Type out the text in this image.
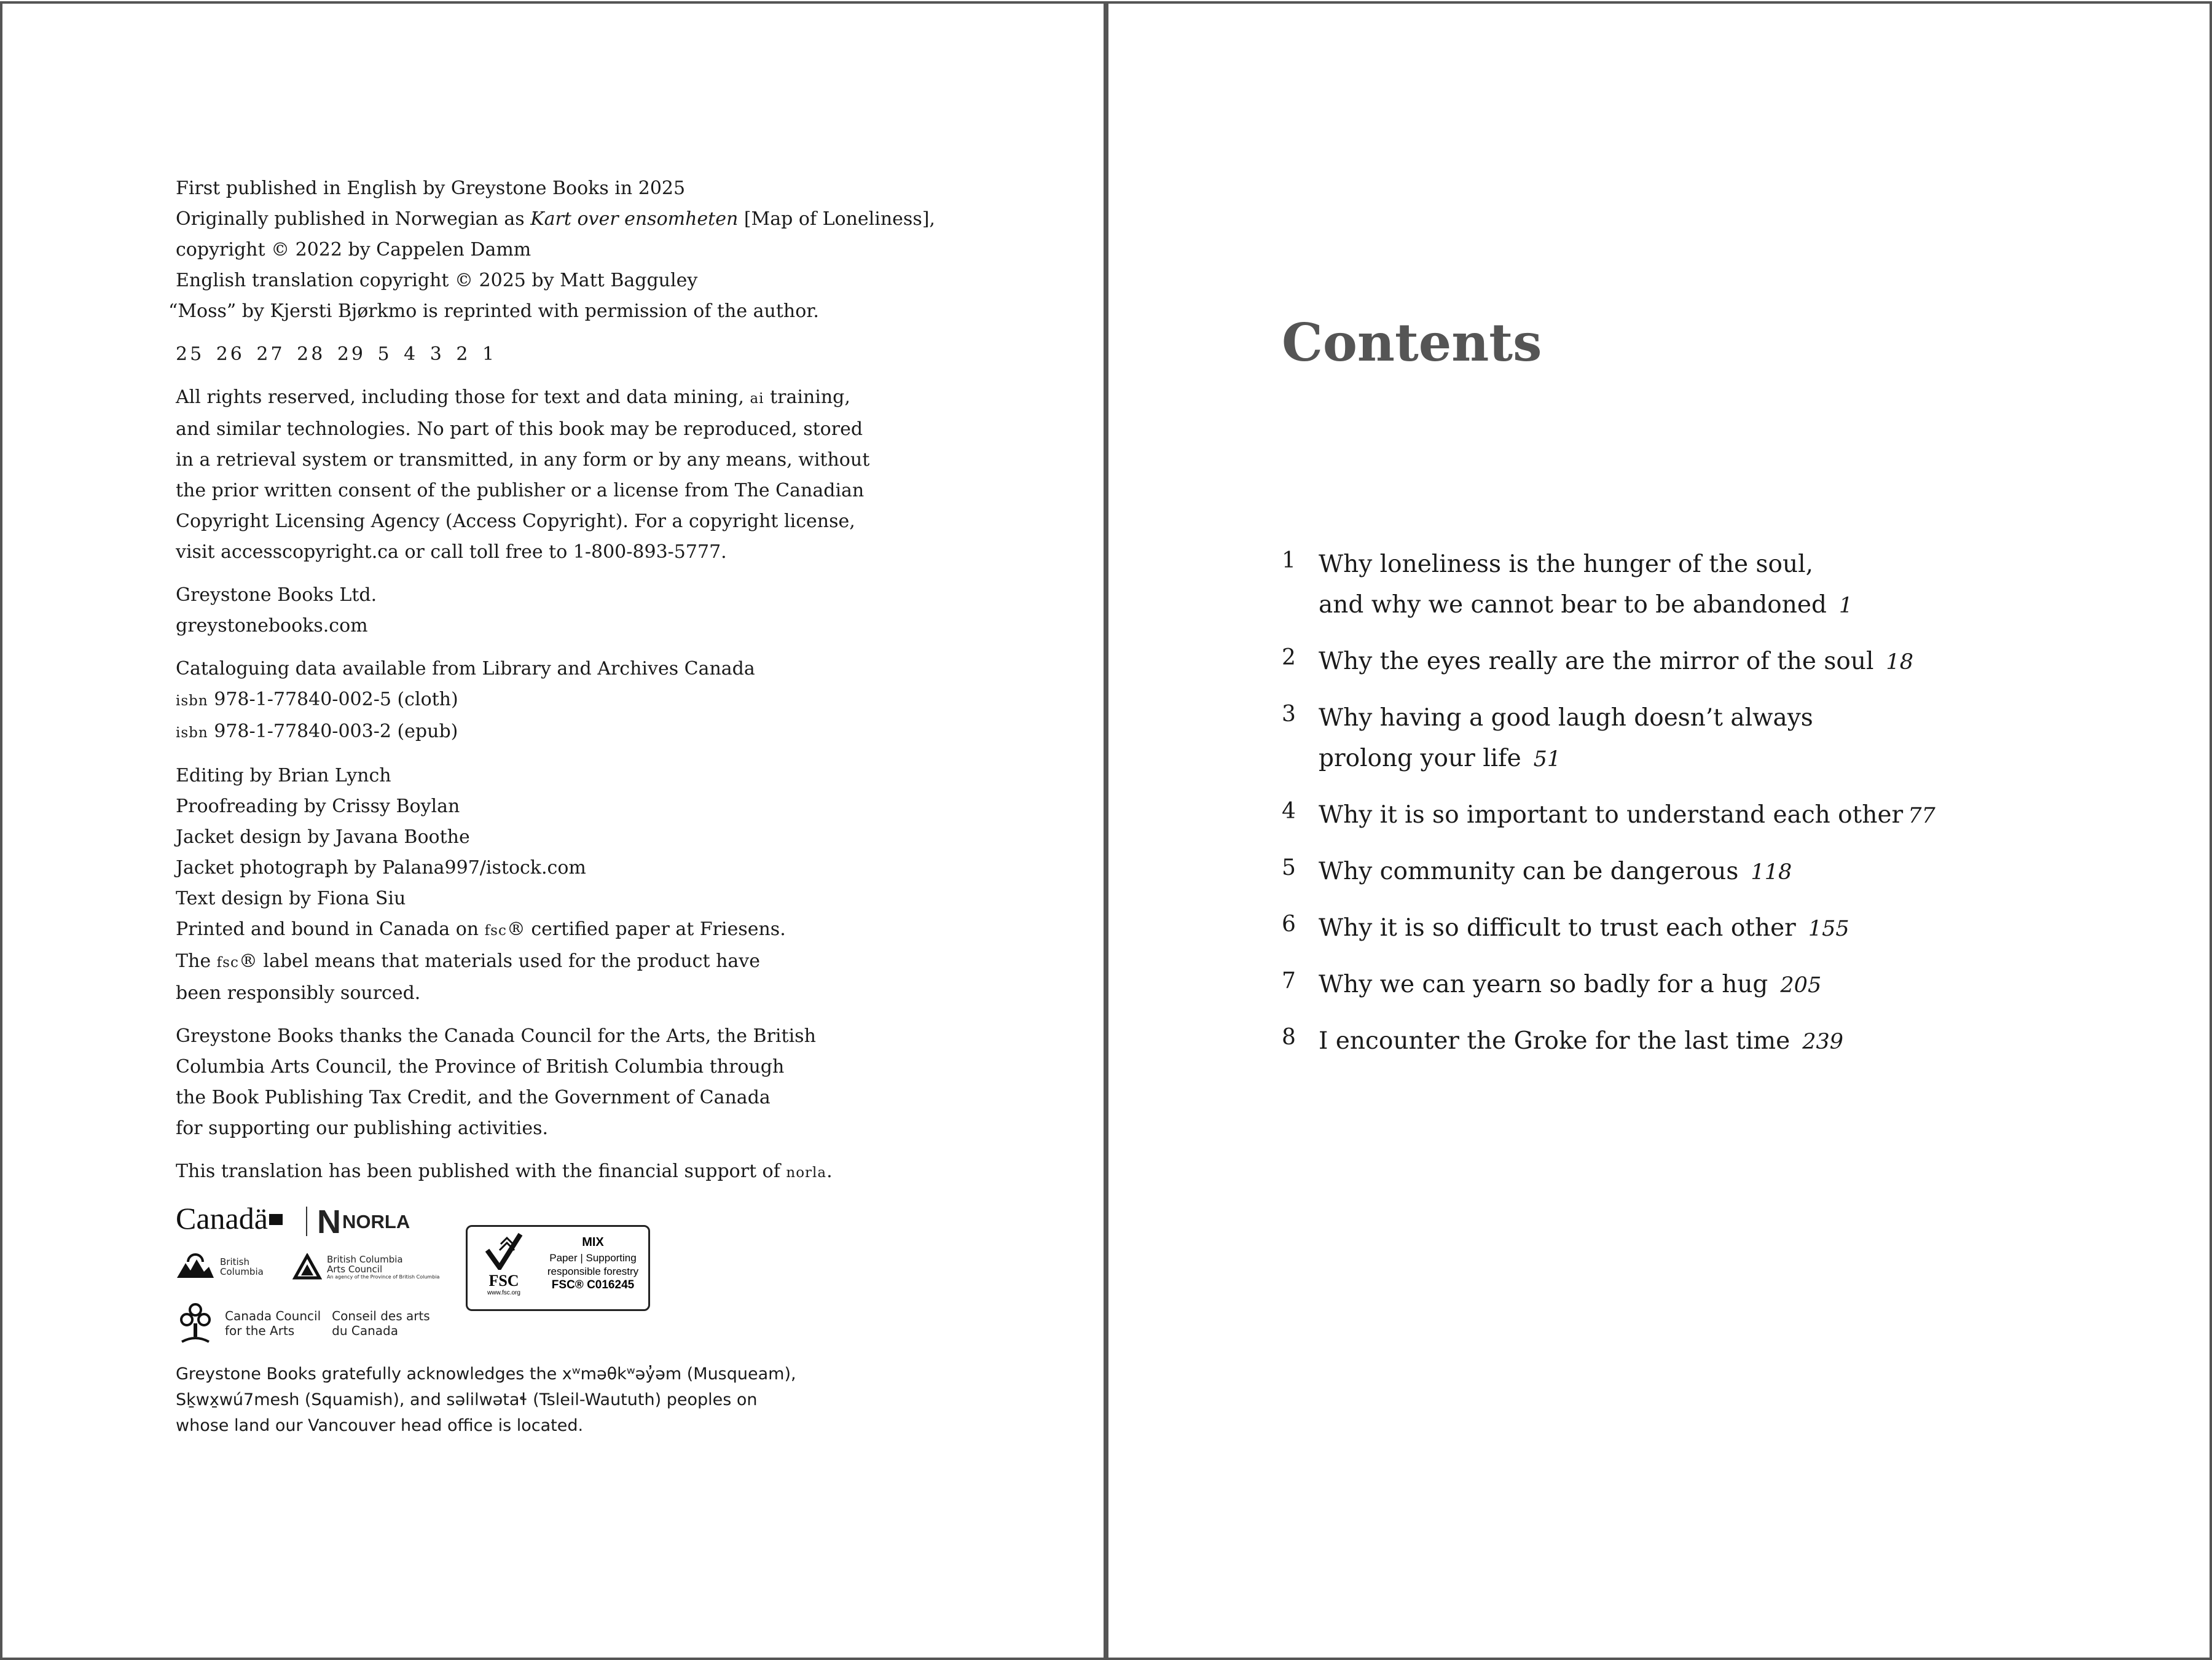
First published in English by Greystone Books in 2025
Originally published in Norwegian as Kart over ensomheten [Map of Loneliness],
copyright © 2022 by Cappelen Damm
English translation copyright © 2025 by Matt Bagguley
“Moss” by Kjersti Bjørkmo is reprinted with permission of the author.
25 26 27 28 29 5 4 3 2 1
All rights reserved, including those for text and data mining, ai training,
and similar technologies. No part of this book may be reproduced, stored
in a retrieval system or transmitted, in any form or by any means, without
the prior written consent of the publisher or a license from The Canadian
Copyright Licensing Agency (Access Copyright). For a copyright license,
visit accesscopyright.ca or call toll free to 1-800-893-5777.
Greystone Books Ltd.
greystonebooks.com
Cataloguing data available from Library and Archives Canada
isbn 978-1-77840-002-5 (cloth)
isbn 978-1-77840-003-2 (epub)
Editing by Brian Lynch
Proofreading by Crissy Boylan
Jacket design by Javana Boothe
Jacket photograph by Palana997/istock.com
Text design by Fiona Siu
Printed and bound in Canada on fsc® certified paper at Friesens.
The fsc® label means that materials used for the product have
been responsibly sourced.
Greystone Books thanks the Canada Council for the Arts, the British
Columbia Arts Council, the Province of British Columbia through
the Book Publishing Tax Credit, and the Government of Canada
for supporting our publishing activities.
This translation has been published with the financial support of norla.
Canadä N NORLA
British
Columbia
British Columbia
Arts Council
An agency of the Province of British Columbia
Canada Council
for the Arts
Conseil des arts
du Canada
FSC
www.fsc.org
MIX
Paper | Supporting
responsible forestry
FSC® C016245
Greystone Books gratefully acknowledges the xʷməθkʷəy̓əm (Musqueam),
Sḵwx̱wú7mesh (Squamish), and səlilwətaɬ (Tsleil-Waututh) peoples on
whose land our Vancouver head office is located.
Contents
1 Why loneliness is the hunger of the soul,
and why we cannot bear to be abandoned 1
2 Why the eyes really are the mirror of the soul 18
3 Why having a good laugh doesn’t always
prolong your life 51
4 Why it is so important to understand each other 77
5 Why community can be dangerous 118
6 Why it is so difficult to trust each other 155
7 Why we can yearn so badly for a hug 205
8 I encounter the Groke for the last time 239
